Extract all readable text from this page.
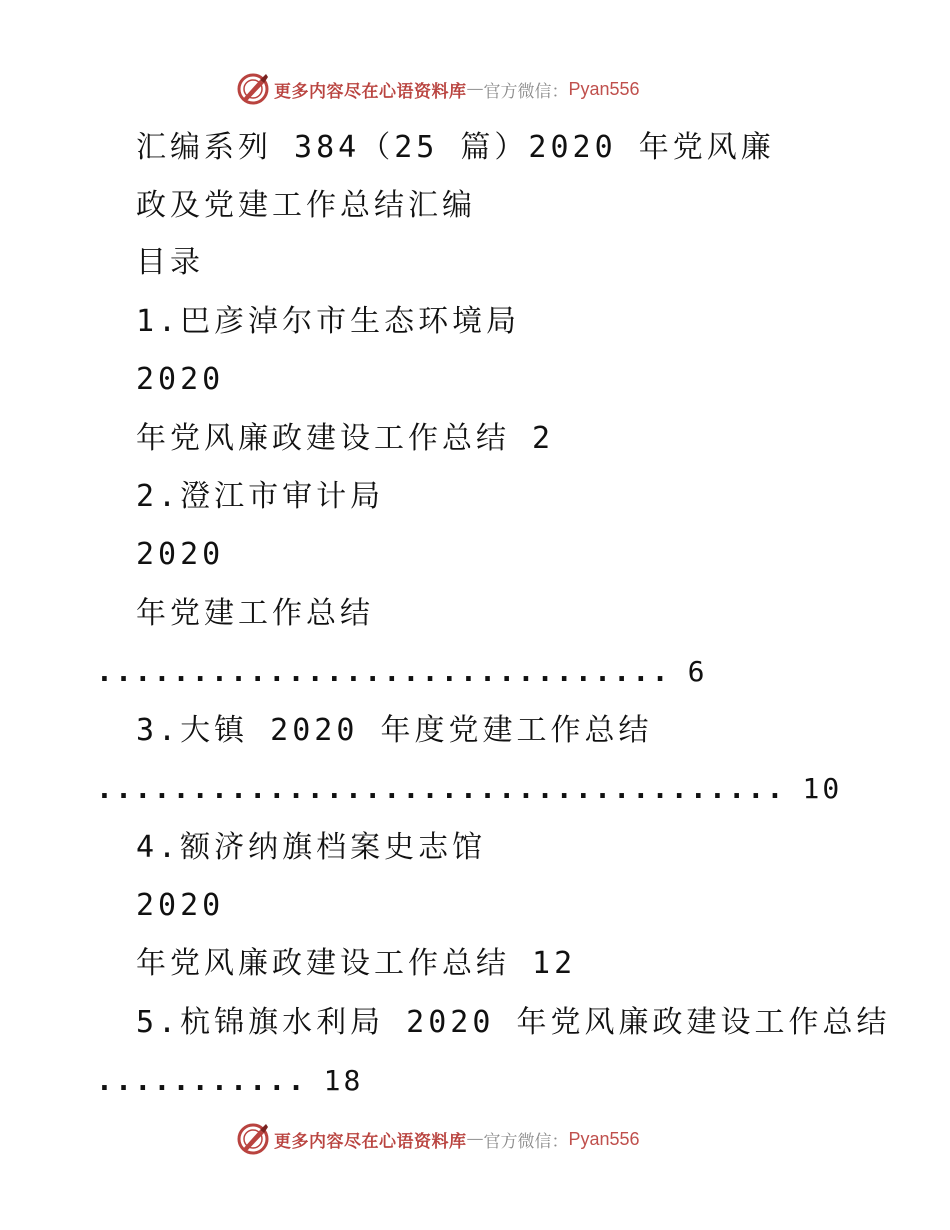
更多内容尽在心语资料库 — 官方微信： Pyan556
汇编系列 384（25 篇）2020 年党风廉
政及党建工作总结汇编
目录
1.巴彦淖尔市生态环境局
2020
年党风廉政建设工作总结 2
2.澄江市审计局
2020
年党建工作总结
.............................. 6
3.大镇 2020 年度党建工作总结
.................................... 10
4.额济纳旗档案史志馆
2020
年党风廉政建设工作总结 12
5.杭锦旗水利局 2020 年党风廉政建设工作总结
........... 18
更多内容尽在心语资料库 — 官方微信： Pyan556
